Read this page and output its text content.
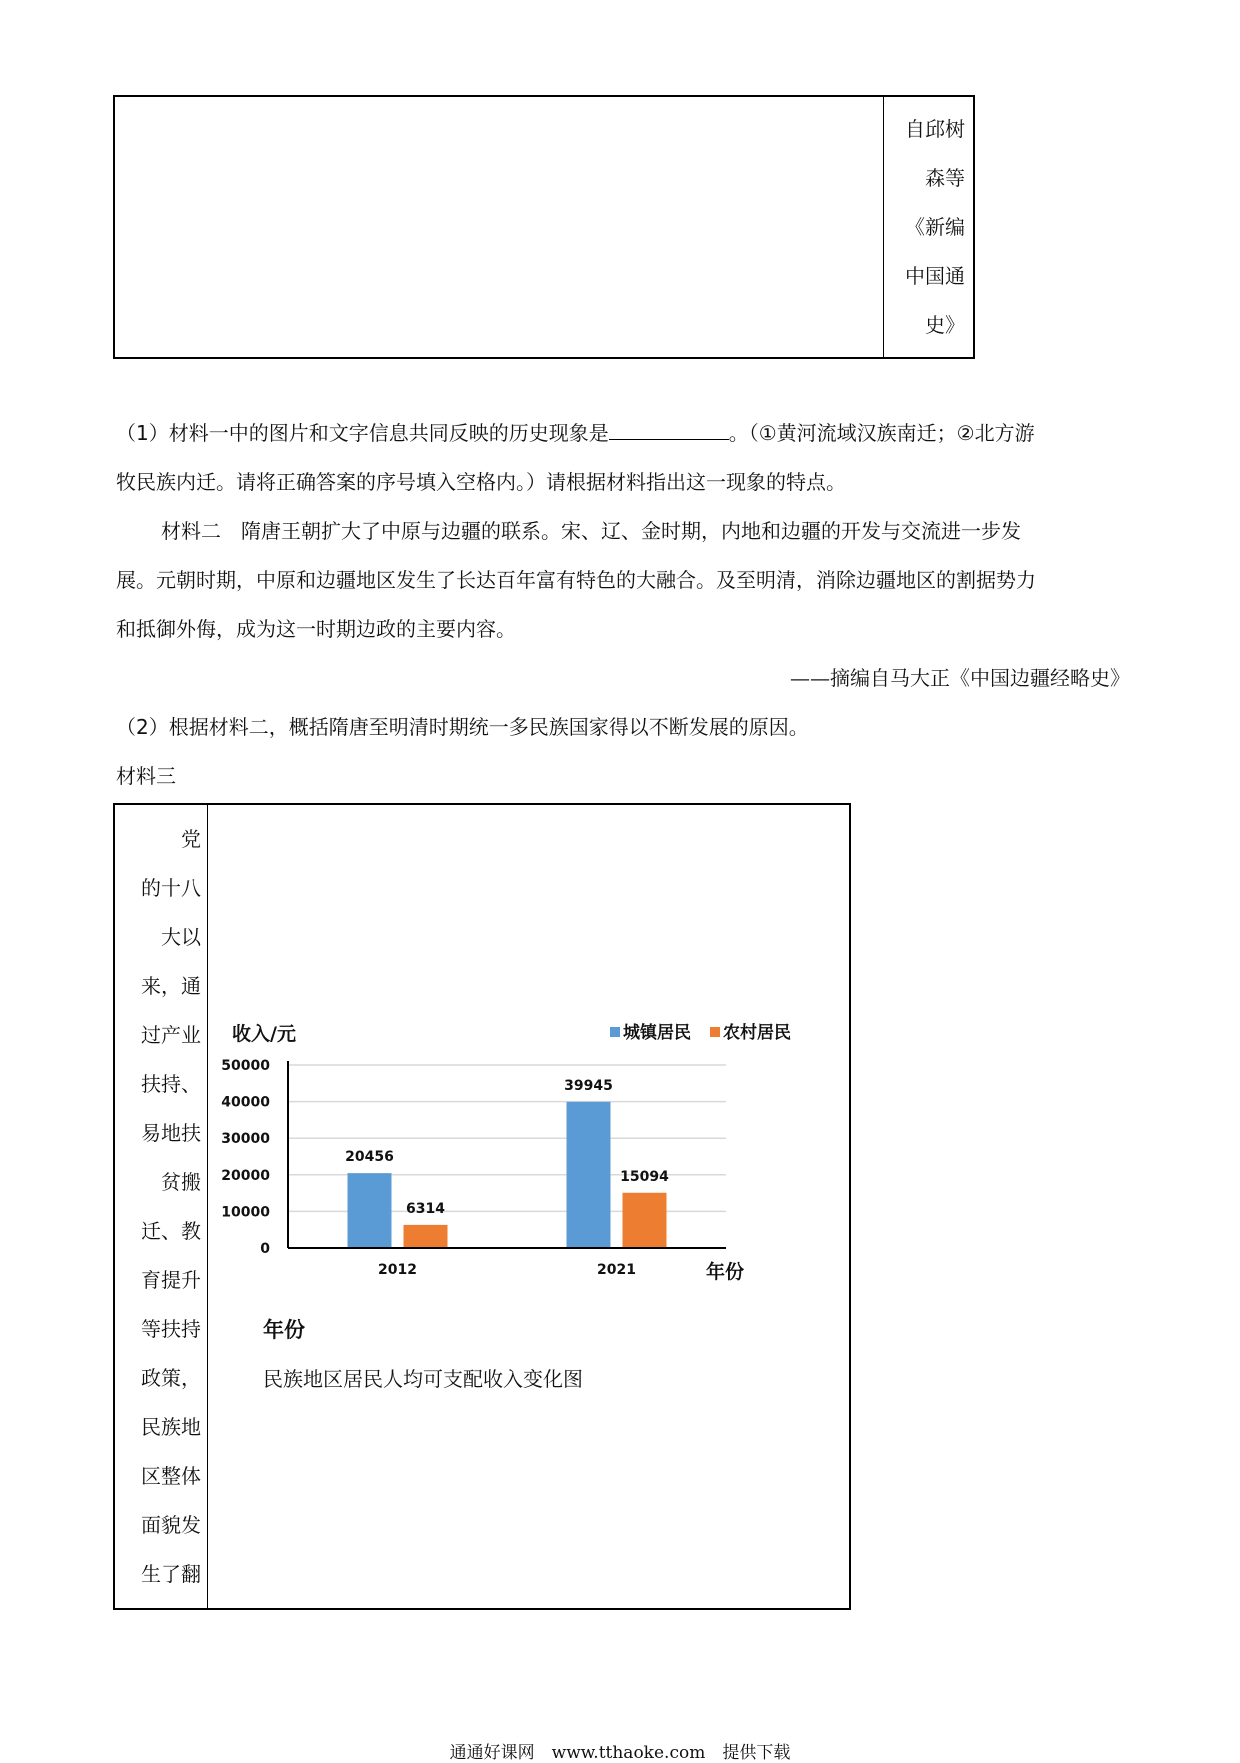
自邱树
森等
《新编
中国通
史》
（1）材料一中的图片和文字信息共同反映的历史现象是	。（①黄河流域汉族南迁；②北方游
牧民族内迁。请将正确答案的序号填入空格内。）请根据材料指出这一现象的特点。
材料二　隋唐王朝扩大了中原与边疆的联系。宋、辽、金时期，内地和边疆的开发与交流进一步发
展。元朝时期，中原和边疆地区发生了长达百年富有特色的大融合。及至明清，消除边疆地区的割据势力
和抵御外侮，成为这一时期边政的主要内容。
——摘编自马大正《中国边疆经略史》
（2）根据材料二，概括隋唐至明清时期统一多民族国家得以不断发展的原因。
材料三
党
的十八
大以
来，通
过产业
扶持、
易地扶
贫搬
迁、教
育提升
等扶持
政策，
民族地
区整体
面貌发
生了翻
0
10000
20000
30000
40000
50000
20456
6314
2012
39945
15094
2021
收入/元
年份
城镇居民 农村居民
年份
民族地区居民人均可支配收入变化图
通通好课网　www.tthaoke.com　提供下载
